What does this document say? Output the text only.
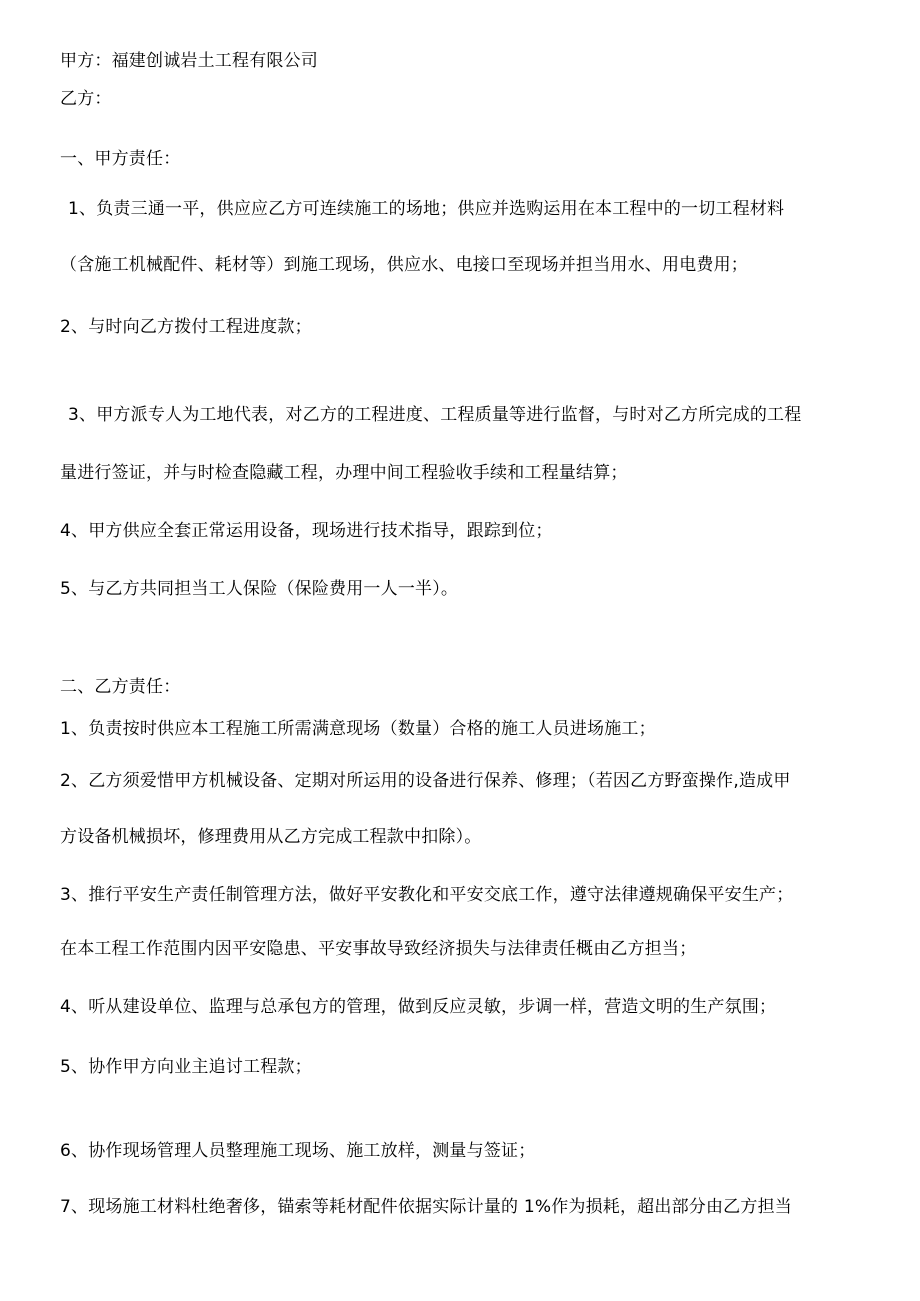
甲方：福建创诚岩土工程有限公司
乙方：
一、甲方责任：
1、负责三通一平，供应应乙方可连续施工的场地；供应并选购运用在本工程中的一切工程材料
（含施工机械配件、耗材等）到施工现场，供应水、电接口至现场并担当用水、用电费用；
2、与时向乙方拨付工程进度款；
3、甲方派专人为工地代表，对乙方的工程进度、工程质量等进行监督，与时对乙方所完成的工程
量进行签证，并与时检查隐藏工程，办理中间工程验收手续和工程量结算；
4、甲方供应全套正常运用设备，现场进行技术指导，跟踪到位；
5、与乙方共同担当工人保险（保险费用一人一半）。
二、乙方责任：
1、负责按时供应本工程施工所需满意现场（数量）合格的施工人员进场施工；
2、乙方须爱惜甲方机械设备、定期对所运用的设备进行保养、修理；（若因乙方野蛮操作,造成甲
方设备机械损坏，修理费用从乙方完成工程款中扣除）。
3、推行平安生产责任制管理方法，做好平安教化和平安交底工作，遵守法律遵规确保平安生产；
在本工程工作范围内因平安隐患、平安事故导致经济损失与法律责任概由乙方担当；
4、听从建设单位、监理与总承包方的管理，做到反应灵敏，步调一样，营造文明的生产氛围；
5、协作甲方向业主追讨工程款；
6、协作现场管理人员整理施工现场、施工放样，测量与签证；
7、现场施工材料杜绝奢侈，锚索等耗材配件依据实际计量的 1%作为损耗，超出部分由乙方担当
